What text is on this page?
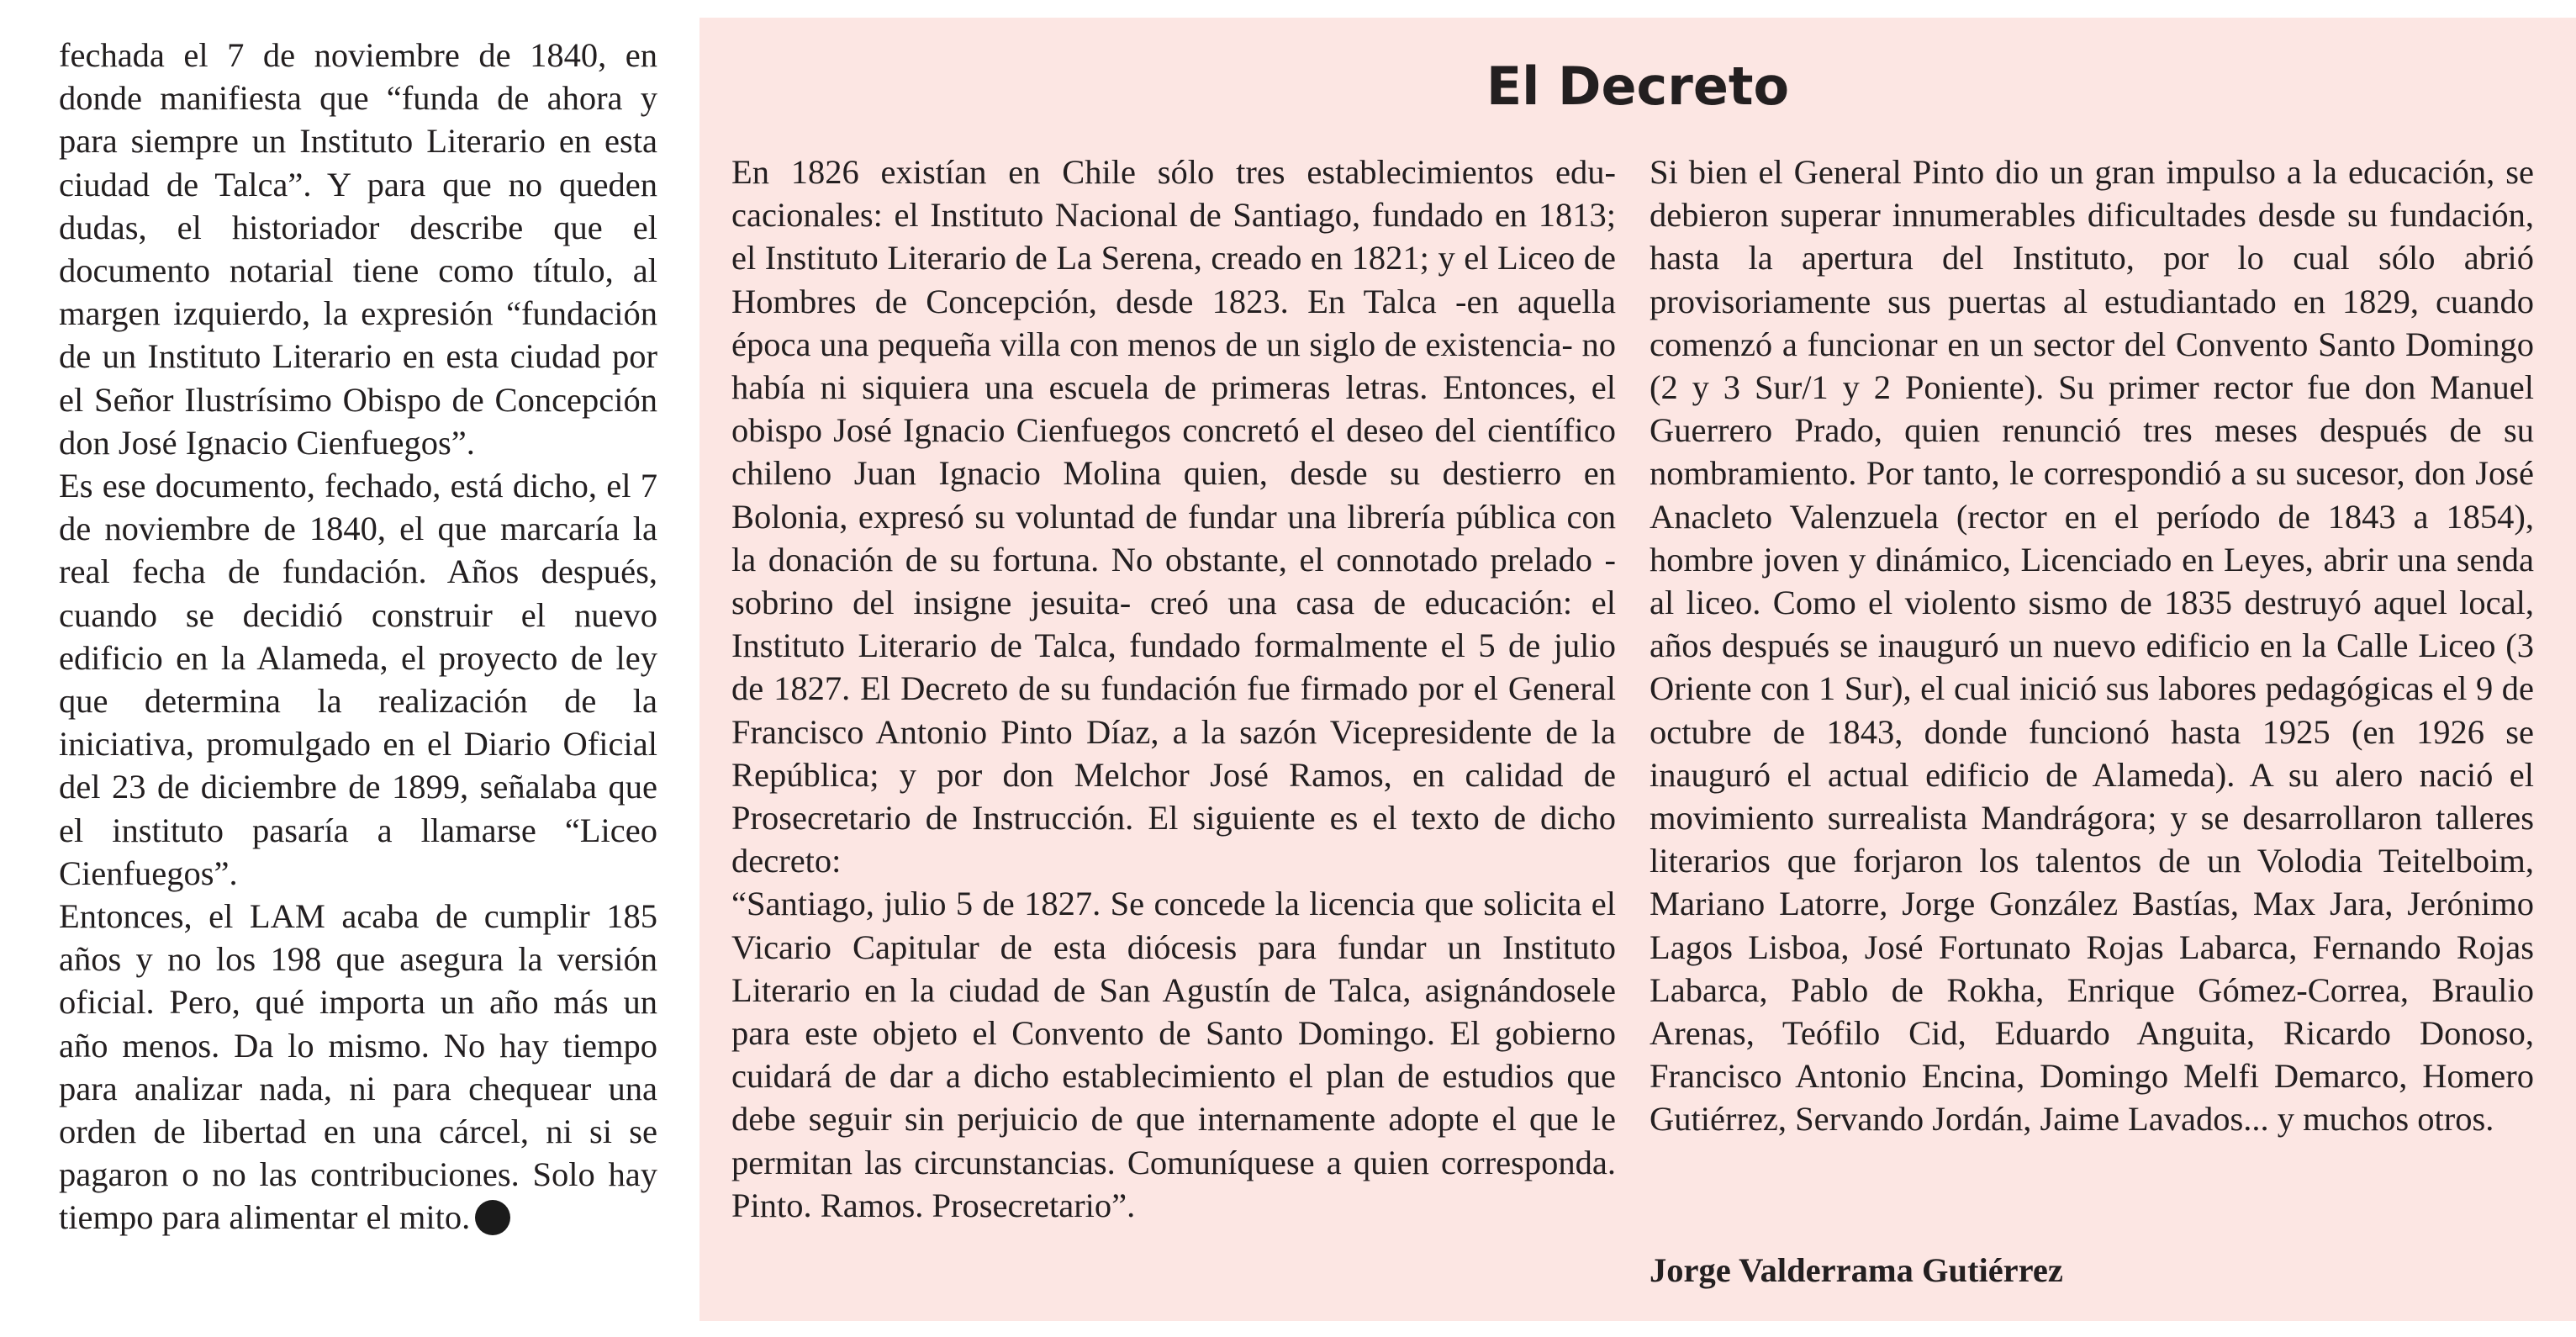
fechada el 7 de noviembre de 1840, en donde manifiesta que “funda de ahora y para siempre un Instituto Literario en esta ciudad de Talca”. Y para que no queden dudas, el historiador describe que el documento notarial tiene como título, al margen izquierdo, la expresión “fundación de un Instituto Literario en esta ciudad por el Señor Ilustrísimo Obispo de Concepción don José Ignacio Cienfuegos”.

Es ese documento, fechado, está dicho, el 7 de noviembre de 1840, el que marcaría la real fecha de fundación. Años después, cuando se decidió construir el nuevo edificio en la Alameda, el proyecto de ley que determina la realización de la iniciativa, promulgado en el Diario Oficial del 23 de diciembre de 1899, señalaba que el instituto pasaría a llamarse “Liceo Cienfuegos”.

Entonces, el LAM acaba de cumplir 185 años y no los 198 que asegura la versión oficial. Pero, qué importa un año más un año menos. Da lo mismo. No hay tiempo para analizar nada, ni para chequear una orden de libertad en una cárcel, ni si se pagaron o no las contribuciones. Solo hay tiempo para alimentar el mito.

El Decreto

En 1826 existían en Chile sólo tres establecimientos educacionales: el Instituto Nacional de Santiago, fundado en 1813; el Instituto Literario de La Serena, creado en 1821; y el Liceo de Hombres de Concepción, desde 1823. En Talca -en aquella época una pequeña villa con menos de un siglo de existencia- no había ni siquiera una escuela de primeras letras. Entonces, el obispo José Ignacio Cienfuegos concretó el deseo del científico chileno Juan Ignacio Molina quien, desde su destierro en Bolonia, expresó su voluntad de fundar una librería pública con la donación de su fortuna. No obstante, el connotado prelado -sobrino del insigne jesuita- creó una casa de educación: el Instituto Literario de Talca, fundado formalmente el 5 de julio de 1827. El Decreto de su fundación fue firmado por el General Francisco Antonio Pinto Díaz, a la sazón Vicepresidente de la República; y por don Melchor José Ramos, en calidad de Prosecretario de Instrucción. El siguiente es el texto de dicho decreto:

“Santiago, julio 5 de 1827. Se concede la licencia que solicita el Vicario Capitular de esta diócesis para fundar un Instituto Literario en la ciudad de San Agustín de Talca, asignándosele para este objeto el Convento de Santo Domingo. El gobierno cuidará de dar a dicho establecimiento el plan de estudios que debe seguir sin perjuicio de que internamente adopte el que le permitan las circunstancias. Comuníquese a quien corresponda. Pinto. Ramos. Prosecretario”.

Si bien el General Pinto dio un gran impulso a la educación, se debieron superar innumerables dificultades desde su fundación, hasta la apertura del Instituto, por lo cual sólo abrió provisoriamente sus puertas al estudiantado en 1829, cuando comenzó a funcionar en un sector del Convento Santo Domingo (2 y 3 Sur/1 y 2 Poniente). Su primer rector fue don Manuel Guerrero Prado, quien renunció tres meses después de su nombramiento. Por tanto, le correspondió a su sucesor, don José Anacleto Valenzuela (rector en el período de 1843 a 1854), hombre joven y dinámico, Licenciado en Leyes, abrir una senda al liceo. Como el violento sismo de 1835 destruyó aquel local, años después se inauguró un nuevo edificio en la Calle Liceo (3 Oriente con 1 Sur), el cual inició sus labores pedagógicas el 9 de octubre de 1843, donde funcionó hasta 1925 (en 1926 se inauguró el actual edificio de Alameda). A su alero nació el movimiento surrealista Mandrágora; y se desarrollaron talleres literarios que forjaron los talentos de un Volodia Teitelboim, Mariano Latorre, Jorge González Bastías, Max Jara, Jerónimo Lagos Lisboa, José Fortunato Rojas Labarca, Fernando Rojas Labarca, Pablo de Rokha, Enrique Gómez-Correa, Braulio Arenas, Teófilo Cid, Eduardo Anguita, Ricardo Donoso, Francisco Antonio Encina, Domingo Melfi Demarco, Homero Gutiérrez, Servando Jordán, Jaime Lavados... y muchos otros.

Jorge Valderrama Gutiérrez
